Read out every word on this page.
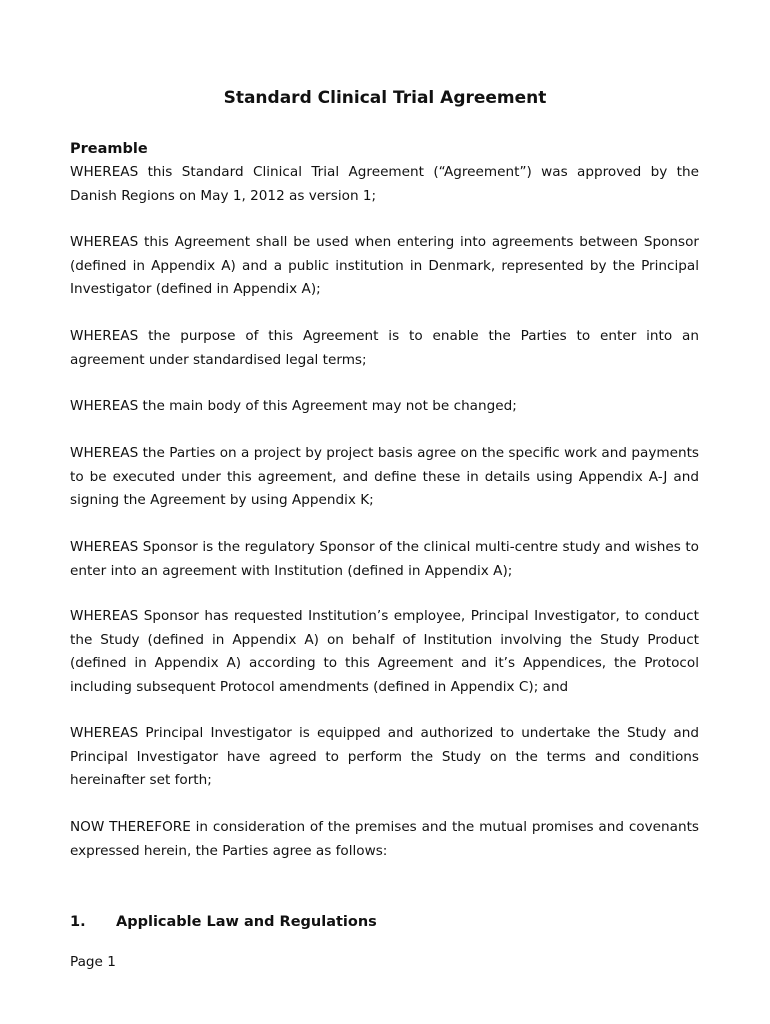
Standard Clinical Trial Agreement
Preamble

WHEREAS this Standard Clinical Trial Agreement (“Agreement”) was approved by the Danish Regions on May 1, 2012 as version 1;

WHEREAS this Agreement shall be used when entering into agreements between Sponsor (defined in Appendix A) and a public institution in Denmark, represented by the Principal Investigator (defined in Appendix A);

WHEREAS the purpose of this Agreement is to enable the Parties to enter into an agreement under standardised legal terms;

WHEREAS the main body of this Agreement may not be changed;

WHEREAS the Parties on a project by project basis agree on the specific work and payments to be executed under this agreement, and define these in details using Appendix A-J and signing the Agreement by using Appendix K;

WHEREAS Sponsor is the regulatory Sponsor of the clinical multi-centre study and wishes to enter into an agreement with Institution (defined in Appendix A);

WHEREAS Sponsor has requested Institution’s employee, Principal Investigator, to conduct the Study (defined in Appendix A) on behalf of Institution involving the Study Product (defined in Appendix A) according to this Agreement and it’s Appendices, the Protocol including subsequent Protocol amendments (defined in Appendix C); and

WHEREAS Principal Investigator is equipped and authorized to undertake the Study and Principal Investigator have agreed to perform the Study on the terms and conditions hereinafter set forth;

NOW THEREFORE in consideration of the premises and the mutual promises and covenants expressed herein, the Parties agree as follows:

1.	Applicable Law and Regulations
Page 1
